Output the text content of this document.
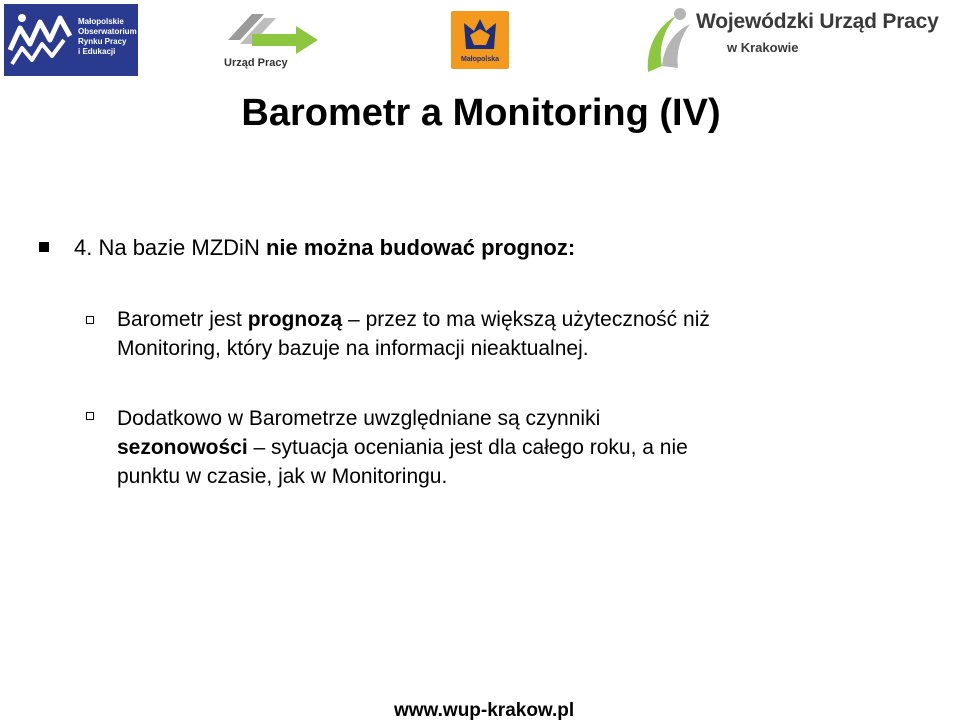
Małopolskie
Obserwatorium
Rynku Pracy
i Edukacji
Urząd Pracy	Małopolska
Wojewódzki Urząd Pracy
w Krakowie
Barometr a Monitoring (IV)
4. Na bazie MZDiN nie można budować prognoz:
Barometr jest prognozą – przez to ma większą użyteczność niż
Monitoring, który bazuje na informacji nieaktualnej.
Dodatkowo w Barometrze uwzględniane są czynniki
sezonowości – sytuacja oceniania jest dla całego roku, a nie
punktu w czasie, jak w Monitoringu.
www.wup-krakow.pl
